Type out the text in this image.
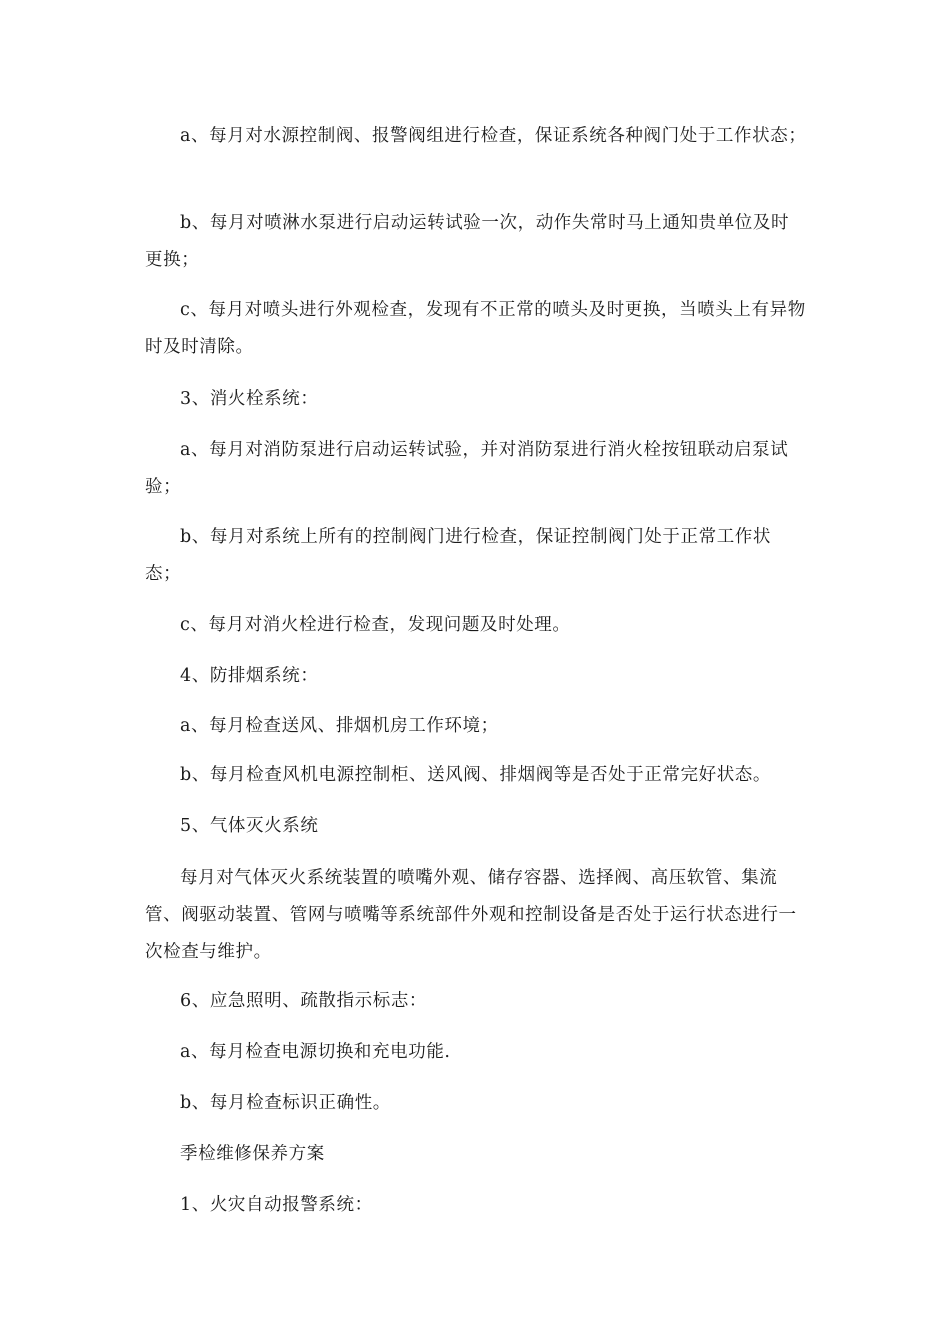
a、每月对水源控制阀、报警阀组进行检查，保证系统各种阀门处于工作状态；

b、每月对喷淋水泵进行启动运转试验一次，动作失常时马上通知贵单位及时更换；

c、每月对喷头进行外观检查，发现有不正常的喷头及时更换，当喷头上有异物时及时清除。

3、消火栓系统：

a、每月对消防泵进行启动运转试验，并对消防泵进行消火栓按钮联动启泵试验；

b、每月对系统上所有的控制阀门进行检查，保证控制阀门处于正常工作状态；

c、每月对消火栓进行检查，发现问题及时处理。

4、防排烟系统：

a、每月检查送风、排烟机房工作环境；

b、每月检查风机电源控制柜、送风阀、排烟阀等是否处于正常完好状态。

5、气体灭火系统

每月对气体灭火系统装置的喷嘴外观、储存容器、选择阀、高压软管、集流管、阀驱动装置、管网与喷嘴等系统部件外观和控制设备是否处于运行状态进行一次检查与维护。

6、应急照明、疏散指示标志：

a、每月检查电源切换和充电功能.

b、每月检查标识正确性。

季检维修保养方案

1、火灾自动报警系统：
